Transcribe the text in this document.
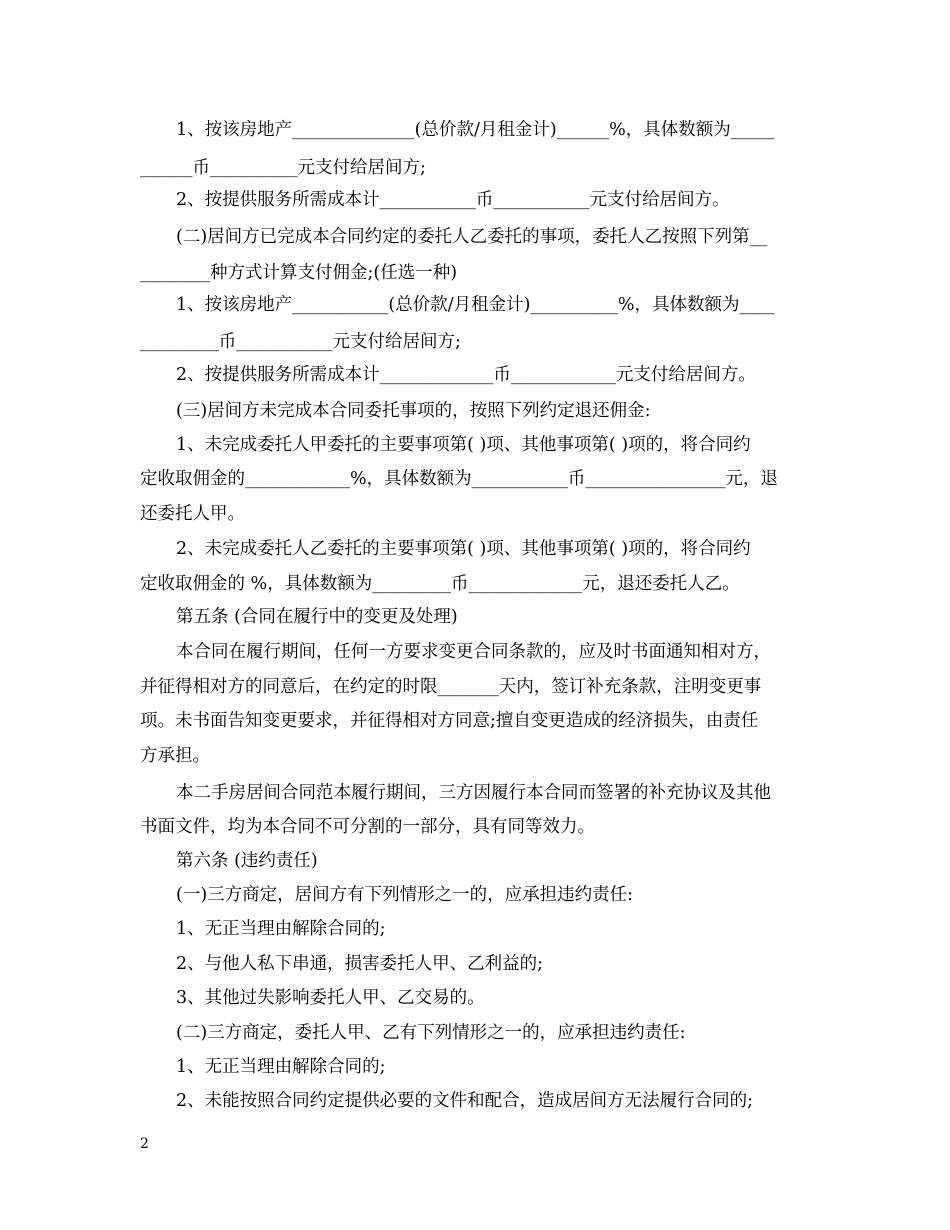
1、按该房地产______________(总价款/月租金计)______%，具体数额为_____
______币__________元支付给居间方;
2、按提供服务所需成本计___________币___________元支付给居间方。
(二)居间方已完成本合同约定的委托人乙委托的事项，委托人乙按照下列第__
________种方式计算支付佣金;(任选一种)
1、按该房地产___________(总价款/月租金计)__________%，具体数额为____
_________币___________元支付给居间方;
2、按提供服务所需成本计_____________币____________元支付给居间方。
(三)居间方未完成本合同委托事项的，按照下列约定退还佣金:
1、未完成委托人甲委托的主要事项第( )项、其他事项第( )项的，将合同约
定收取佣金的____________%，具体数额为___________币________________元，退
还委托人甲。
2、未完成委托人乙委托的主要事项第( )项、其他事项第( )项的，将合同约
定收取佣金的 %，具体数额为_________币_____________元，退还委托人乙。
第五条 (合同在履行中的变更及处理)
本合同在履行期间，任何一方要求变更合同条款的，应及时书面通知相对方，
并征得相对方的同意后，在约定的时限_______天内，签订补充条款，注明变更事
项。未书面告知变更要求，并征得相对方同意;擅自变更造成的经济损失，由责任
方承担。
本二手房居间合同范本履行期间，三方因履行本合同而签署的补充协议及其他
书面文件，均为本合同不可分割的一部分，具有同等效力。
第六条 (违约责任)
(一)三方商定，居间方有下列情形之一的，应承担违约责任:
1、无正当理由解除合同的;
2、与他人私下串通，损害委托人甲、乙利益的;
3、其他过失影响委托人甲、乙交易的。
(二)三方商定，委托人甲、乙有下列情形之一的，应承担违约责任:
1、无正当理由解除合同的;
2、未能按照合同约定提供必要的文件和配合，造成居间方无法履行合同的;
2
